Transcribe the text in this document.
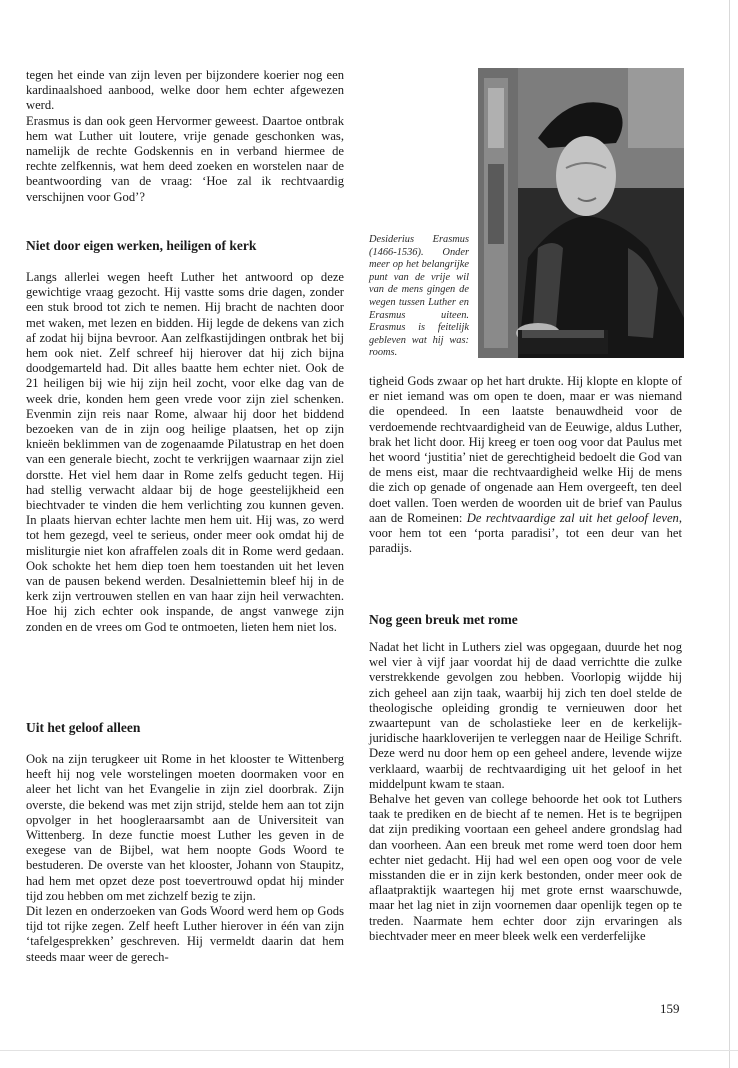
tegen het einde van zijn leven per bijzondere koerier nog een kardinaalshoed aanbood, welke door hem echter afgewezen werd.

Erasmus is dan ook geen Hervormer geweest. Daartoe ontbrak hem wat Luther uit loutere, vrije genade geschonken was, namelijk de rechte Godskennis en in verband hiermee de rechte zelfkennis, wat hem deed zoeken en worstelen naar de beantwoording van de vraag: ‘Hoe zal ik rechtvaardig verschijnen voor God’?

Niet door eigen werken, heiligen of kerk

Langs allerlei wegen heeft Luther het antwoord op deze gewichtige vraag gezocht. Hij vastte soms drie dagen, zonder een stuk brood tot zich te nemen. Hij bracht de nachten door met waken, met lezen en bidden. Hij legde de dekens van zich af zodat hij bijna bevroor. Aan zelfkastijdingen ontbrak het bij hem ook niet. Zelf schreef hij hierover dat hij zich bijna doodgemarteld had. Dit alles baatte hem echter niet. Ook de 21 heiligen bij wie hij zijn heil zocht, voor elke dag van de week drie, konden hem geen vrede voor zijn ziel schenken. Evenmin zijn reis naar Rome, alwaar hij door het biddend bezoeken van de in zijn oog heilige plaatsen, het op zijn knieën beklimmen van de zogenaamde Pilatustrap en het doen van een generale biecht, zocht te verkrijgen waarnaar zijn ziel dorstte. Het viel hem daar in Rome zelfs geducht tegen. Hij had stellig verwacht aldaar bij de hoge geestelijkheid een biechtvader te vinden die hem verlichting zou kunnen geven. In plaats hiervan echter lachte men hem uit. Hij was, zo werd tot hem gezegd, veel te serieus, onder meer ook omdat hij de misliturgie niet kon afraffelen zoals dit in Rome werd gedaan. Ook schokte het hem diep toen hem toestanden uit het leven van de pausen bekend werden. Desalniettemin bleef hij in de kerk zijn vertrouwen stellen en van haar zijn heil verwachten. Hoe hij zich echter ook inspande, de angst vanwege zijn zonden en de vrees om God te ontmoeten, lieten hem niet los.

Uit het geloof alleen

Ook na zijn terugkeer uit Rome in het klooster te Wittenberg heeft hij nog vele worstelingen moeten doormaken voor en aleer het licht van het Evangelie in zijn ziel doorbrak. Zijn overste, die bekend was met zijn strijd, stelde hem aan tot zijn opvolger in het hoogleraarsambt aan de Universiteit van Wittenberg. In deze functie moest Luther les geven in de exegese van de Bijbel, wat hem noopte Gods Woord te bestuderen. De overste van het klooster, Johann von Staupitz, had hem met opzet deze post toevertrouwd opdat hij minder tijd zou hebben om met zichzelf bezig te zijn.

Dit lezen en onderzoeken van Gods Woord werd hem op Gods tijd tot rijke zegen. Zelf heeft Luther hierover in één van zijn ‘tafelgesprekken’ geschreven. Hij vermeldt daarin dat hem steeds maar weer de gerech-

Desiderius Erasmus (1466-1536). Onder meer op het belangrijke punt van de vrije wil van de mens gingen de wegen tussen Luther en Erasmus uiteen. Erasmus is feitelijk gebleven wat hij was: rooms.

tigheid Gods zwaar op het hart drukte. Hij klopte en klopte of er niet iemand was om open te doen, maar er was niemand die opendeed. In een laatste benauwdheid voor de verdoemende rechtvaardigheid van de Eeuwige, aldus Luther, brak het licht door. Hij kreeg er toen oog voor dat Paulus met het woord ‘justitia’ niet de gerechtigheid bedoelt die God van de mens eist, maar die rechtvaardigheid welke Hij de mens die zich op genade of ongenade aan Hem overgeeft, ten deel doet vallen. Toen werden de woorden uit de brief van Paulus aan de Romeinen: De rechtvaardige zal uit het geloof leven, voor hem tot een ‘porta paradisi’, tot een deur van het paradijs.

Nog geen breuk met rome

Nadat het licht in Luthers ziel was opgegaan, duurde het nog wel vier à vijf jaar voordat hij de daad verrichtte die zulke verstrekkende gevolgen zou hebben. Voorlopig wijdde hij zich geheel aan zijn taak, waarbij hij zich ten doel stelde de theologische opleiding grondig te vernieuwen door het zwaartepunt van de scholastieke leer en de kerkelijk-juridische haarkloverijen te verleggen naar de Heilige Schrift. Deze werd nu door hem op een geheel andere, levende wijze verklaard, waarbij de rechtvaardiging uit het geloof in het middelpunt kwam te staan.

Behalve het geven van college behoorde het ook tot Luthers taak te prediken en de biecht af te nemen. Het is te begrijpen dat zijn prediking voortaan een geheel andere grondslag had dan voorheen. Aan een breuk met rome werd toen door hem echter niet gedacht. Hij had wel een open oog voor de vele misstanden die er in zijn kerk bestonden, onder meer ook de aflaatpraktijk waartegen hij met grote ernst waarschuwde, maar het lag niet in zijn voornemen daar openlijk tegen op te treden. Naarmate hem echter door zijn ervaringen als biechtvader meer en meer bleek welk een verderfelijke

159
